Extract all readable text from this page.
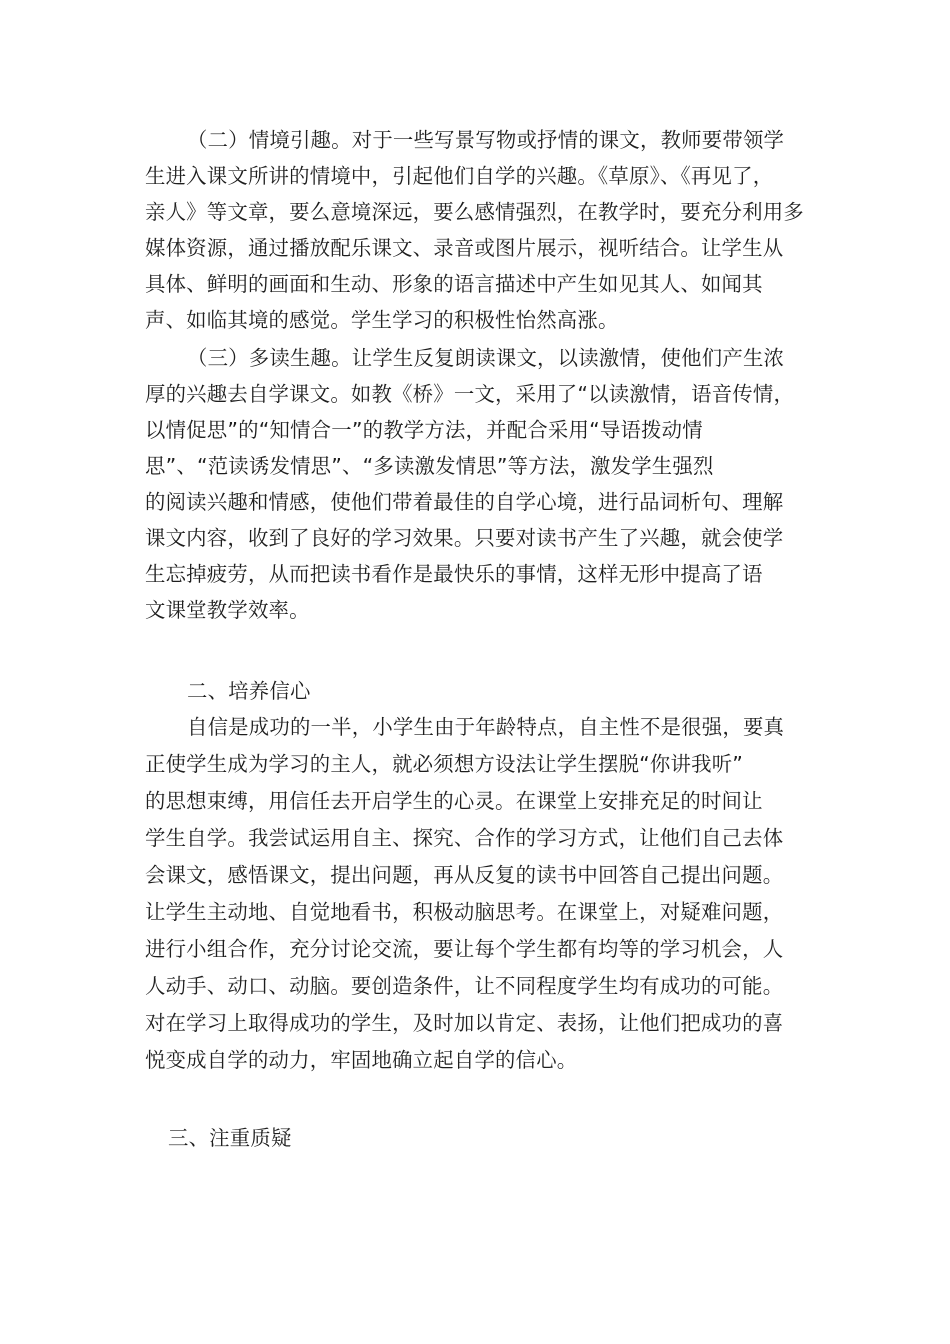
（二）情境引趣。对于一些写景写物或抒情的课文，教师要带领学
生进入课文所讲的情境中，引起他们自学的兴趣。《草原》、《再见了，
亲人》等文章，要么意境深远，要么感情强烈，在教学时，要充分利用多
媒体资源，通过播放配乐课文、录音或图片展示，视听结合。让学生从
具体、鲜明的画面和生动、形象的语言描述中产生如见其人、如闻其
声、如临其境的感觉。学生学习的积极性怡然高涨。
（三）多读生趣。让学生反复朗读课文，以读激情，使他们产生浓
厚的兴趣去自学课文。如教《桥》一文，采用了“以读激情，语音传情，
以情促思”的“知情合一”的教学方法，并配合采用“导语拨动情
思”、“范读诱发情思”、“多读激发情思”等方法，激发学生强烈
的阅读兴趣和情感，使他们带着最佳的自学心境，进行品词析句、理解
课文内容，收到了良好的学习效果。只要对读书产生了兴趣，就会使学
生忘掉疲劳，从而把读书看作是最快乐的事情，这样无形中提高了语
文课堂教学效率。
二、培养信心
自信是成功的一半，小学生由于年龄特点，自主性不是很强，要真
正使学生成为学习的主人，就必须想方设法让学生摆脱“你讲我听”
的思想束缚，用信任去开启学生的心灵。在课堂上安排充足的时间让
学生自学。我尝试运用自主、探究、合作的学习方式，让他们自己去体
会课文，感悟课文，提出问题，再从反复的读书中回答自己提出问题。
让学生主动地、自觉地看书，积极动脑思考。在课堂上，对疑难问题，
进行小组合作，充分讨论交流，要让每个学生都有均等的学习机会，人
人动手、动口、动脑。要创造条件，让不同程度学生均有成功的可能。
对在学习上取得成功的学生，及时加以肯定、表扬，让他们把成功的喜
悦变成自学的动力，牢固地确立起自学的信心。
三、注重质疑
